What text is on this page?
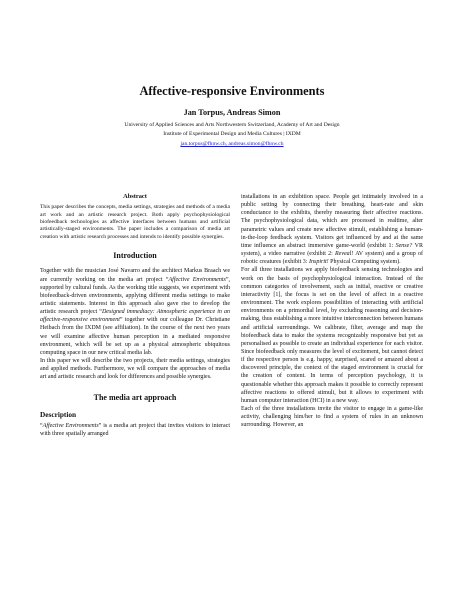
Affective-responsive Environments
Jan Torpus, Andreas Simon
University of Applied Sciences and Arts Northwestern Switzerland, Academy of Art and Design
Institute of Experimental Design and Media Cultures | IXDM
jan.torpus@fhnw.ch, andreas.simon@fhnw.ch
Abstract

This paper describes the concepts, media settings, strategies and methods of a media art work and an artistic research project. Both apply psychophysiological biofeedback technologies as affective interfaces between humans and artificial artistically-staged environments. The paper includes a comparison of media art creation with artistic research processes and intends to identify possible synergies.

Introduction

Together with the musician José Navarro and the architect Markus Braach we are currently working on the media art project “Affective Environments”, supported by cultural funds. As the working title suggests, we experiment with biofeedback-driven environments, applying different media settings to make artistic statements. Interest in this approach also gave rise to develop the artistic research project “Designed immediacy: Atmospheric experience in an affective-responsive environment” together with our colleague Dr. Christiane Heibach from the IXDM (see affiliation). In the course of the next two years we will examine affective human perception in a mediated responsive environment, which will be set up as a physical atmospheric ubiquitous computing space in our new critical media lab.

In this paper we will describe the two projects, their media settings, strategies and applied methods. Furthermore, we will compare the approaches of media art and artistic research and look for differences and possible synergies.

The media art approach
Description

“Affective Environments” is a media art project that invites visitors to interact with three spatially arranged

installations in an exhibition space. People get intimately involved in a public setting by connecting their breathing, heart-rate and skin conductance to the exhibits, thereby measuring their affective reactions. The psychophysiological data, which are processed in realtime, alter parametric values and create new affective stimuli, establishing a human-in-the-loop feedback system. Visitors get influenced by and at the same time influence an abstract immersive game-world (exhibit 1: Sense? VR system), a video narrative (exhibit 2: Reveal! AV system) and a group of robotic creatures (exhibit 3: Inspirit! Physical Computing system).

For all three installations we apply biofeedback sensing technologies and work on the basis of psychophysiological interaction. Instead of the common categories of involvement, such as initial, reactive or creative interactivity [1], the focus is set on the level of affect in a reactive environment. The work explores possibilities of interacting with artificial environments on a primordial level, by excluding reasoning and decision-making, thus establishing a more intuitive interconnection between humans and artificial surroundings. We calibrate, filter, average and map the biofeedback data to make the systems recognizably responsive but yet as personalised as possible to create an individual experience for each visitor. Since biofeedback only measures the level of excitement, but cannot detect if the respective person is e.g. happy, surprised, scared or amazed about a discovered principle, the context of the staged environment is crucial for the creation of content. In terms of perception psychology, it is questionable whether this approach makes it possible to correctly represent affective reactions to offered stimuli, but it allows to experiment with human computer interaction (HCI) in a new way.

Each of the three installations invite the visitor to engage in a game-like activity, challenging him/her to find a system of rules in an unknown surrounding. However, an
